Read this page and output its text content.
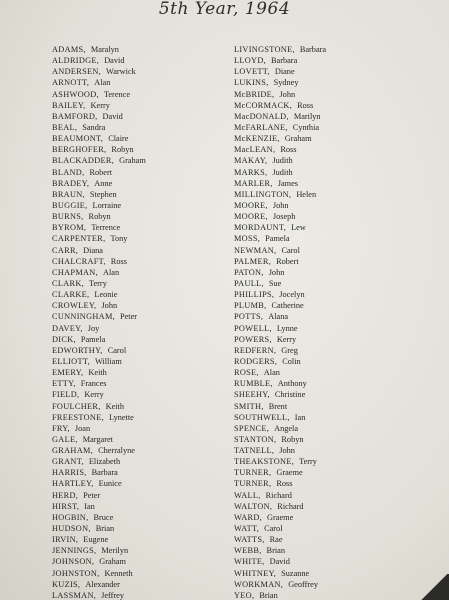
5th Year, 1964
ADAMS, Maralyn
ALDRIDGE, David
ANDERSEN, Warwick
ARNOTT, Alan
ASHWOOD, Terence
BAILEY, Kerry
BAMFORD, David
BEAL, Sandra
BEAUMONT, Claire
BERGHOFER, Robyn
BLACKADDER, Graham
BLAND, Robert
BRADEY, Anne
BRAUN, Stephen
BUGGIE, Lorraine
BURNS, Robyn
BYROM, Terrence
CARPENTER, Tony
CARR, Diana
CHALCRAFT, Ross
CHAPMAN, Alan
CLARK, Terry
CLARKE, Leonie
CROWLEY, John
CUNNINGHAM, Peter
DAVEY, Joy
DICK, Pamela
EDWORTHY, Carol
ELLIOTT, William
EMERY, Keith
ETTY, Frances
FIELD, Kerry
FOULCHER, Keith
FREESTONE, Lynette
FRY, Joan
GALE, Margaret
GRAHAM, Cherralyne
GRANT, Elizabeth
HARRIS, Barbara
HARTLEY, Eunice
HERD, Peter
HIRST, Ian
HOGBIN, Bruce
HUDSON, Brian
IRVIN, Eugene
JENNINGS, Merilyn
JOHNSON, Graham
JOHNSTON, Kenneth
KUZIS, Alexander
LASSMAN, Jeffrey
LIVINGSTONE, Barbara
LLOYD, Barbara
LOVETT, Diane
LUKINS, Sydney
McBRIDE, John
McCORMACK, Ross
MacDONALD, Marilyn
McFARLANE, Cynthia
McKENZIE, Graham
MacLEAN, Ross
MAKAY, Judith
MARKS, Judith
MARLER, James
MILLINGTON, Helen
MOORE, John
MOORE, Joseph
MORDAUNT, Lew
MOSS, Pamela
NEWMAN, Carol
PALMER, Robert
PATON, John
PAULL, Sue
PHILLIPS, Jocelyn
PLUMB, Catherine
POTTS, Alana
POWELL, Lynne
POWERS, Kerry
REDFERN, Greg
RODGERS, Colin
ROSE, Alan
RUMBLE, Anthony
SHEEHY, Christine
SMITH, Brent
SOUTHWELL, Ian
SPENCE, Angela
STANTON, Robyn
TATNELL, John
THEAKSTONE, Terry
TURNER, Graeme
TURNER, Ross
WALL, Richard
WALTON, Richard
WARD, Graeme
WATT, Carol
WATTS, Rae
WEBB, Brian
WHITE, David
WHITNEY, Suzanne
WORKMAN, Geoffrey
YEO, Brian
